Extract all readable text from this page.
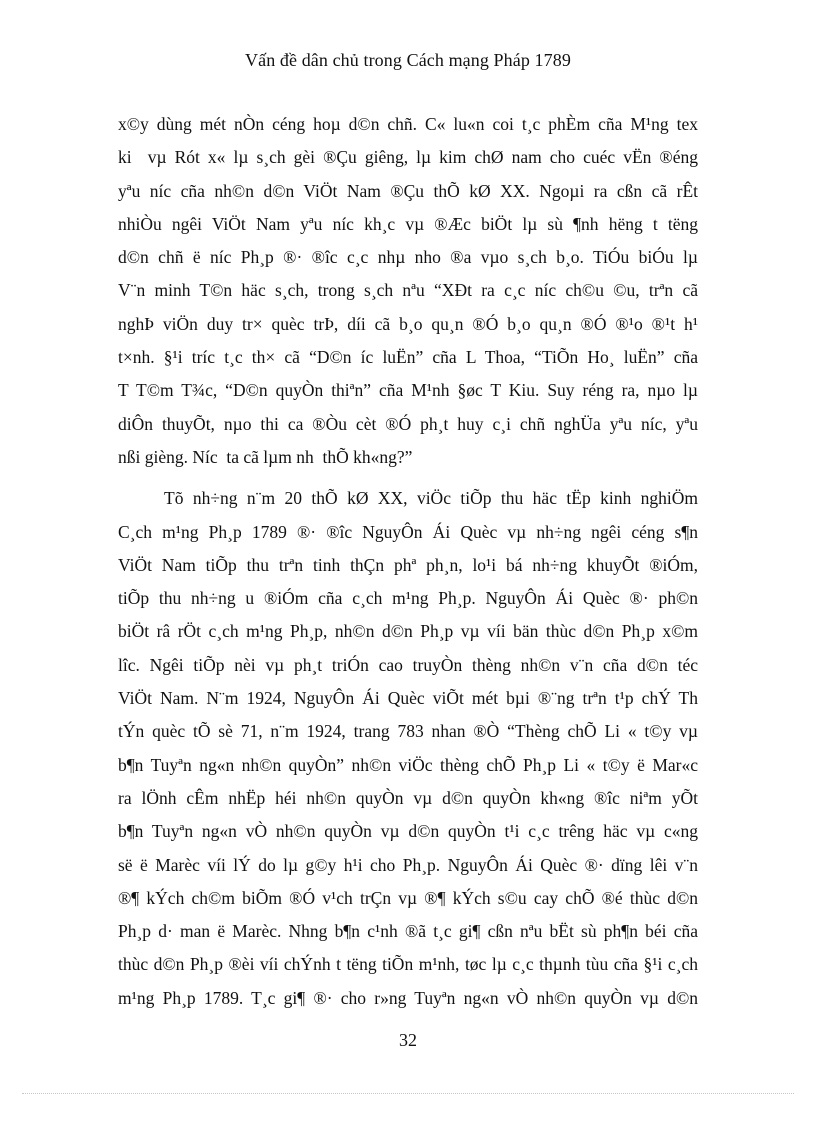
Vấn đề dân chủ trong Cách mạng Pháp 1789
x©y dùng mét nÒn céng hoµ d©n chñ. C« lu«n coi t¸c phÈm cña M¹ng tex
ki vµ Rót x« lµ s¸ch gèi ®Çu giêng, lµ kim chØ nam cho cuéc vËn ®éng
yªu níc cña nh©n d©n ViÖt Nam ®Çu thÕ kØ XX. Ngoµi ra cßn cã rÊt
nhiÒu ngêi ViÖt Nam yªu níc kh¸c vµ ®Æc biÖt lµ sù ¶nh hëng t tëng
d©n chñ ë níc Ph¸p ®· ®îc c¸c nhµ nho ®a vµo s¸ch b¸o. TiÓu biÓu lµ
V¨n minh T©n häc s¸ch, trong s¸ch nªu “XÐt ra c¸c níc ch©u ©u, trªn cã
nghÞ viÖn duy tr× quèc trÞ, díi cã b¸o qu¸n ®Ó b¸o qu¸n ®Ó ®¹o ®¹t h¹
t×nh. §¹i tríc t¸c th× cã “D©n íc luËn” cña L Thoa, “TiÕn Ho¸ luËn” cña
T T©m T¾c, “D©n quyÒn thiªn” cña M¹nh §øc T Kiu. Suy réng ra, nµo lµ
diÔn thuyÕt, nµo thi ca ®Òu cèt ®Ó ph¸t huy c¸i chñ nghÜa yªu níc, yªu
nßi gièng. Níc  ta cã lµm nh  thÕ kh«ng?”
Tõ nh÷ng n¨m 20 thÕ kØ XX, viÖc tiÕp thu häc tËp kinh nghiÖm
C¸ch m¹ng Ph¸p 1789 ®· ®îc NguyÔn Ái Quèc vµ nh÷ng ngêi céng s¶n
ViÖt Nam tiÕp thu trªn tinh thÇn phª ph¸n, lo¹i bá nh÷ng khuyÕt ®iÓm,
tiÕp thu nh÷ng u ®iÓm cña c¸ch m¹ng Ph¸p. NguyÔn Ái Quèc ®· ph©n
biÖt râ rÖt c¸ch m¹ng Ph¸p, nh©n d©n Ph¸p vµ víi bän thùc d©n Ph¸p x©m
lîc. Ngêi tiÕp nèi vµ ph¸t triÓn cao truyÒn thèng nh©n v¨n cña d©n téc
ViÖt Nam. N¨m 1924, NguyÔn Ái Quèc viÕt mét bµi ®¨ng trªn t¹p chÝ Th
tÝn quèc tÕ sè 71, n¨m 1924, trang 783 nhan ®Ò “Thèng chÕ Li « t©y vµ
b¶n Tuyªn ng«n nh©n quyÒn” nh©n viÖc thèng chÕ Ph¸p Li « t©y ë Mar«c
ra lÖnh cÊm nhËp héi nh©n quyÒn vµ d©n quyÒn kh«ng ®îc niªm yÕt
b¶n Tuyªn ng«n vÒ nh©n quyÒn vµ d©n quyÒn t¹i c¸c trêng häc vµ c«ng
së ë Marèc víi lÝ do lµ g©y h¹i cho Ph¸p. NguyÔn Ái Quèc ®· dïng lêi v¨n
®¶ kÝch ch©m biÕm ®Ó v¹ch trÇn vµ ®¶ kÝch s©u cay chÕ ®é thùc d©n
Ph¸p d· man ë Marèc. Nhng b¶n c¹nh ®ã t¸c gi¶ cßn nªu bËt sù ph¶n béi cña
thùc d©n Ph¸p ®èi víi chÝnh t tëng tiÕn m¹nh, tøc lµ c¸c thµnh tùu cña §¹i c¸ch
m¹ng Ph¸p 1789. T¸c gi¶ ®· cho r»ng Tuyªn ng«n vÒ nh©n quyÒn vµ d©n
32
